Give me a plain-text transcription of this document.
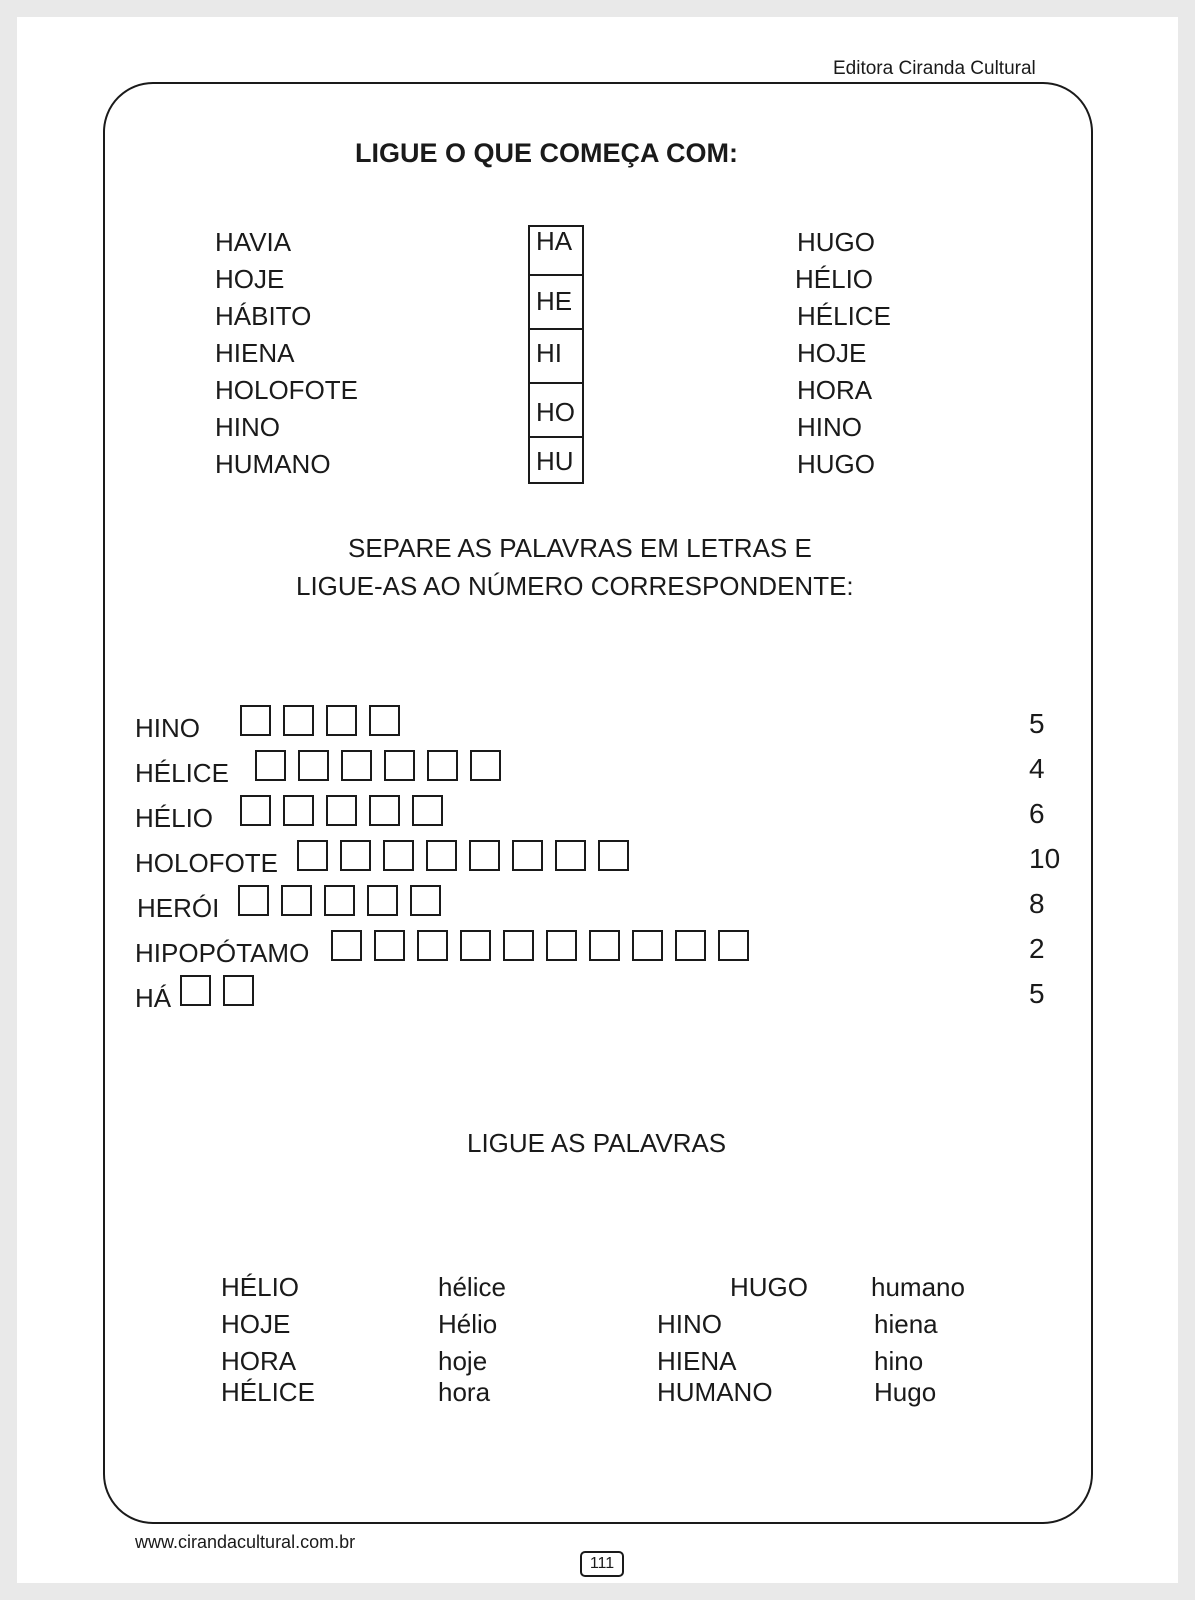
Editora Ciranda Cultural
LIGUE O QUE COMEÇA COM:
HAVIA
HOJE
HÁBITO
HIENA
HOLOFOTE
HINO
HUMANO
HA
HE
HI
HO
HU
HUGO
HÉLIO
HÉLICE
HOJE
HORA
HINO
HUGO
SEPARE AS PALAVRAS EM LETRAS E
LIGUE-AS AO NÚMERO CORRESPONDENTE:
HINO
HÉLICE
HÉLIO
HOLOFOTE
HERÓI
HIPOPÓTAMO
HÁ
5
4
6
10
8
2
5
LIGUE AS PALAVRAS
HÉLIO
HOJE
HORA
HÉLICE
hélice
Hélio
hoje
hora
HUGO
HINO
HIENA
HUMANO
humano
hiena
hino
Hugo
www.cirandacultural.com.br
111
